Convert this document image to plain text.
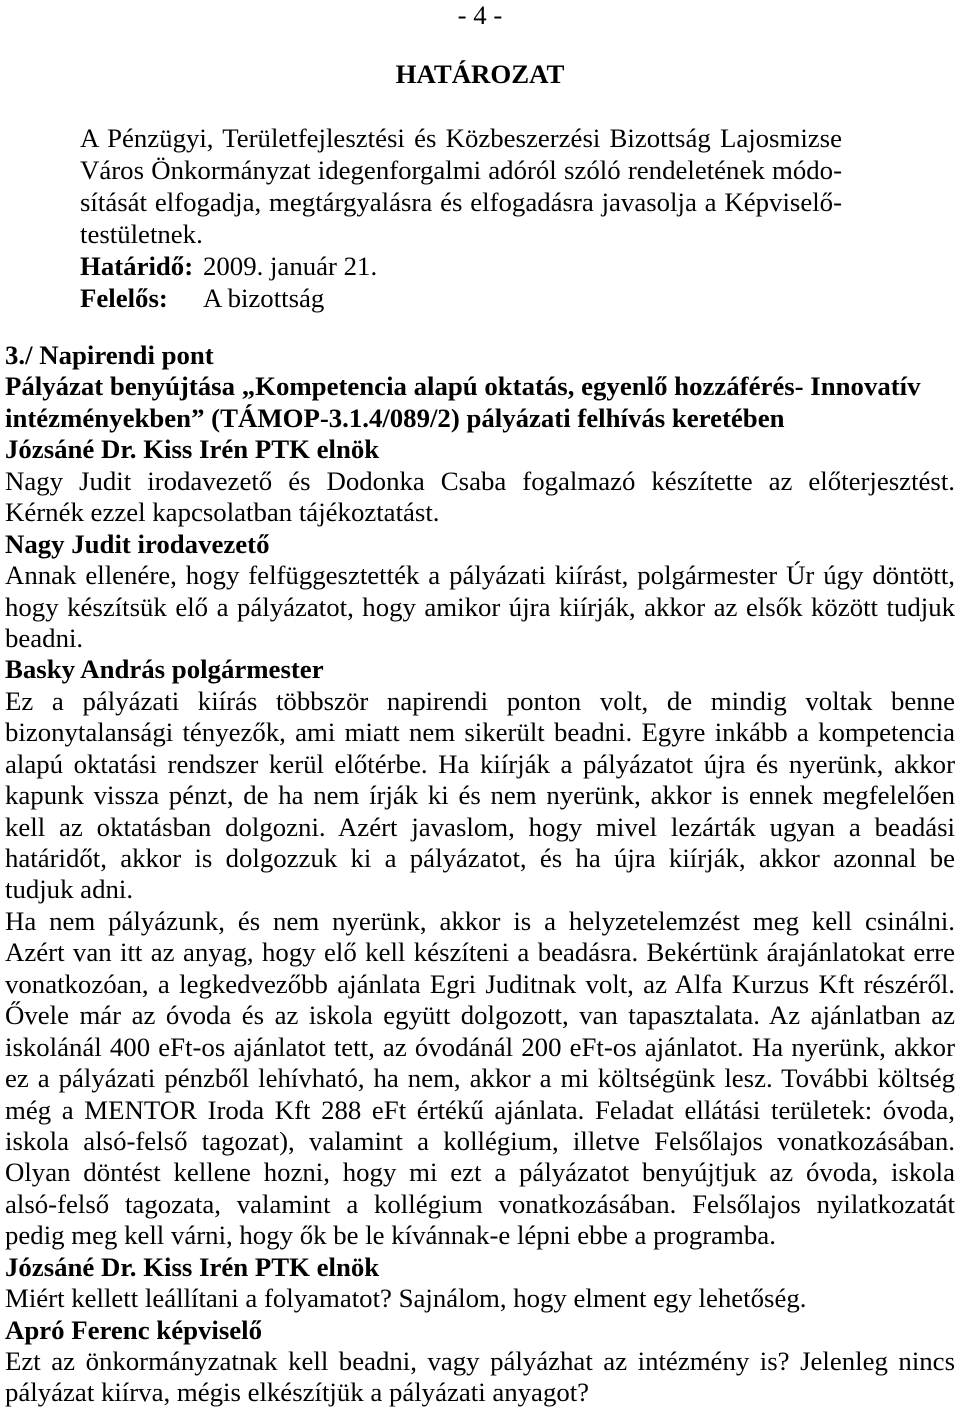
- 4 -
HATÁROZAT
A Pénzügyi, Területfejlesztési és Közbeszerzési Bizottság Lajosmizse
Város Önkormányzat idegenforgalmi adóról szóló rendeletének módo-
sítását elfogadja, megtárgyalásra és elfogadásra javasolja a Képviselő-
testületnek.
Határidő: 2009. január 21.
Felelős: A bizottság
3./ Napirendi pont
Pályázat benyújtása „Kompetencia alapú oktatás, egyenlő hozzáférés- Innovatív
intézményekben” (TÁMOP-3.1.4/089/2) pályázati felhívás keretében
Józsáné Dr. Kiss Irén PTK elnök
Nagy Judit irodavezető és Dodonka Csaba fogalmazó készítette az előterjesztést.
Kérnék ezzel kapcsolatban tájékoztatást.
Nagy Judit irodavezető
Annak ellenére, hogy felfüggesztették a pályázati kiírást, polgármester Úr úgy döntött,
hogy készítsük elő a pályázatot, hogy amikor újra kiírják, akkor az elsők között tudjuk
beadni.
Basky András polgármester
Ez a pályázati kiírás többször napirendi ponton volt, de mindig voltak benne
bizonytalansági tényezők, ami miatt nem sikerült beadni. Egyre inkább a kompetencia
alapú oktatási rendszer kerül előtérbe. Ha kiírják a pályázatot újra és nyerünk, akkor
kapunk vissza pénzt, de ha nem írják ki és nem nyerünk, akkor is ennek megfelelően
kell az oktatásban dolgozni. Azért javaslom, hogy mivel lezárták ugyan a beadási
határidőt, akkor is dolgozzuk ki a pályázatot, és ha újra kiírják, akkor azonnal be
tudjuk adni.
Ha nem pályázunk, és nem nyerünk, akkor is a helyzetelemzést meg kell csinálni.
Azért van itt az anyag, hogy elő kell készíteni a beadásra. Bekértünk árajánlatokat erre
vonatkozóan, a legkedvezőbb ajánlata Egri Juditnak volt, az Alfa Kurzus Kft részéről.
Ővele már az óvoda és az iskola együtt dolgozott, van tapasztalata. Az ajánlatban az
iskolánál 400 eFt-os ajánlatot tett, az óvodánál 200 eFt-os ajánlatot. Ha nyerünk, akkor
ez a pályázati pénzből lehívható, ha nem, akkor a mi költségünk lesz. További költség
még a MENTOR Iroda Kft 288 eFt értékű ajánlata. Feladat ellátási területek: óvoda,
iskola alsó-felső tagozat), valamint a kollégium, illetve Felsőlajos vonatkozásában.
Olyan döntést kellene hozni, hogy mi ezt a pályázatot benyújtjuk az óvoda, iskola
alsó-felső tagozata, valamint a kollégium vonatkozásában. Felsőlajos nyilatkozatát
pedig meg kell várni, hogy ők be le kívánnak-e lépni ebbe a programba.
Józsáné Dr. Kiss Irén PTK elnök
Miért kellett leállítani a folyamatot? Sajnálom, hogy elment egy lehetőség.
Apró Ferenc képviselő
Ezt az önkormányzatnak kell beadni, vagy pályázhat az intézmény is? Jelenleg nincs
pályázat kiírva, mégis elkészítjük a pályázati anyagot?
